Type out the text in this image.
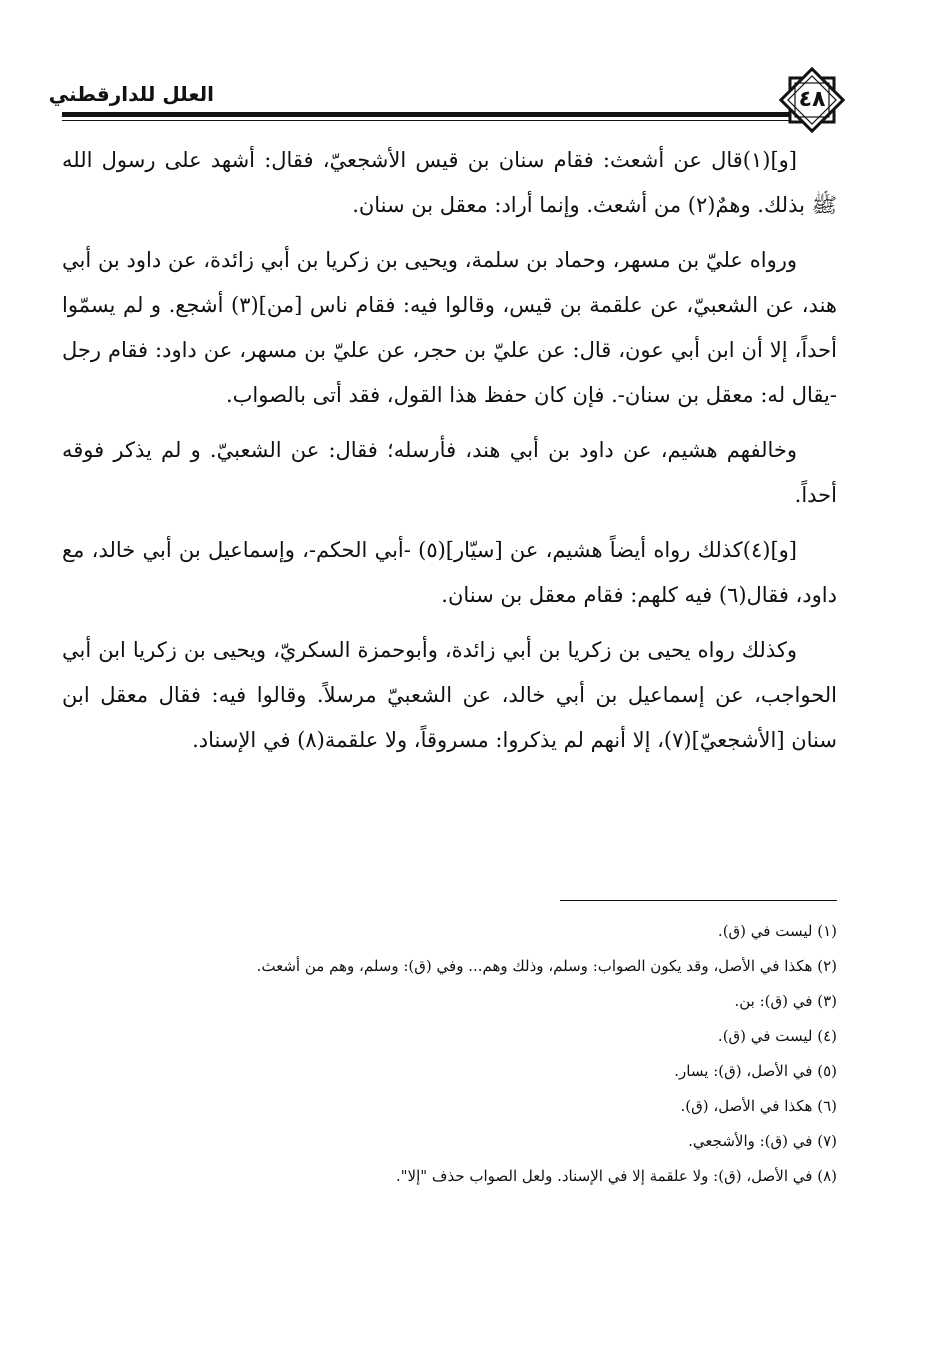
العلل للدارقطني	٤٨

[و](١)قال عن أشعث: فقام سنان بن قيس الأشجعيّ، فقال: أشهد على رسول الله ﷺ بذلك. وهمٌ(٢) من أشعث. وإنما أراد: معقل بن سنان.

ورواه عليّ بن مسهر، وحماد بن سلمة، ويحيى بن زكريا بن أبي زائدة، عن داود بن أبي هند، عن الشعبيّ، عن علقمة بن قيس، وقالوا فيه: فقام ناس [من](٣) أشجع. و لم يسمّوا أحداً، إلا أن ابن أبي عون، قال: عن عليّ بن حجر، عن عليّ بن مسهر، عن داود: فقام رجل -يقال له: معقل بن سنان-. فإن كان حفظ هذا القول، فقد أتى بالصواب.

وخالفهم هشيم، عن داود بن أبي هند، فأرسله؛ فقال: عن الشعبيّ. و لم يذكر فوقه أحداً.

[و](٤)كذلك رواه أيضاً هشيم، عن [سيّار](٥) -أبي الحكم-، وإسماعيل بن أبي خالد، مع داود، فقال(٦) فيه كلهم: فقام معقل بن سنان.

وكذلك رواه يحيى بن زكريا بن أبي زائدة، وأبوحمزة السكريّ، ويحيى بن زكريا ابن أبي الحواجب، عن إسماعيل بن أبي خالد، عن الشعبيّ مرسلاً. وقالوا فيه: فقال معقل ابن سنان [الأشجعيّ](٧)، إلا أنهم لم يذكروا: مسروقاً، ولا علقمة(٨) في الإسناد.

(١) ليست في (ق).

(٢) هكذا في الأصل، وقد يكون الصواب: وسلم، وذلك وهم... وفي (ق): وسلم، وهم من أشعث.

(٣) في (ق): بن.

(٤) ليست في (ق).

(٥) في الأصل، (ق): يسار.

(٦) هكذا في الأصل، (ق).

(٧) في (ق): والأشجعي.

(٨) في الأصل، (ق): ولا علقمة إلا في الإسناد. ولعل الصواب حذف "إلا".
